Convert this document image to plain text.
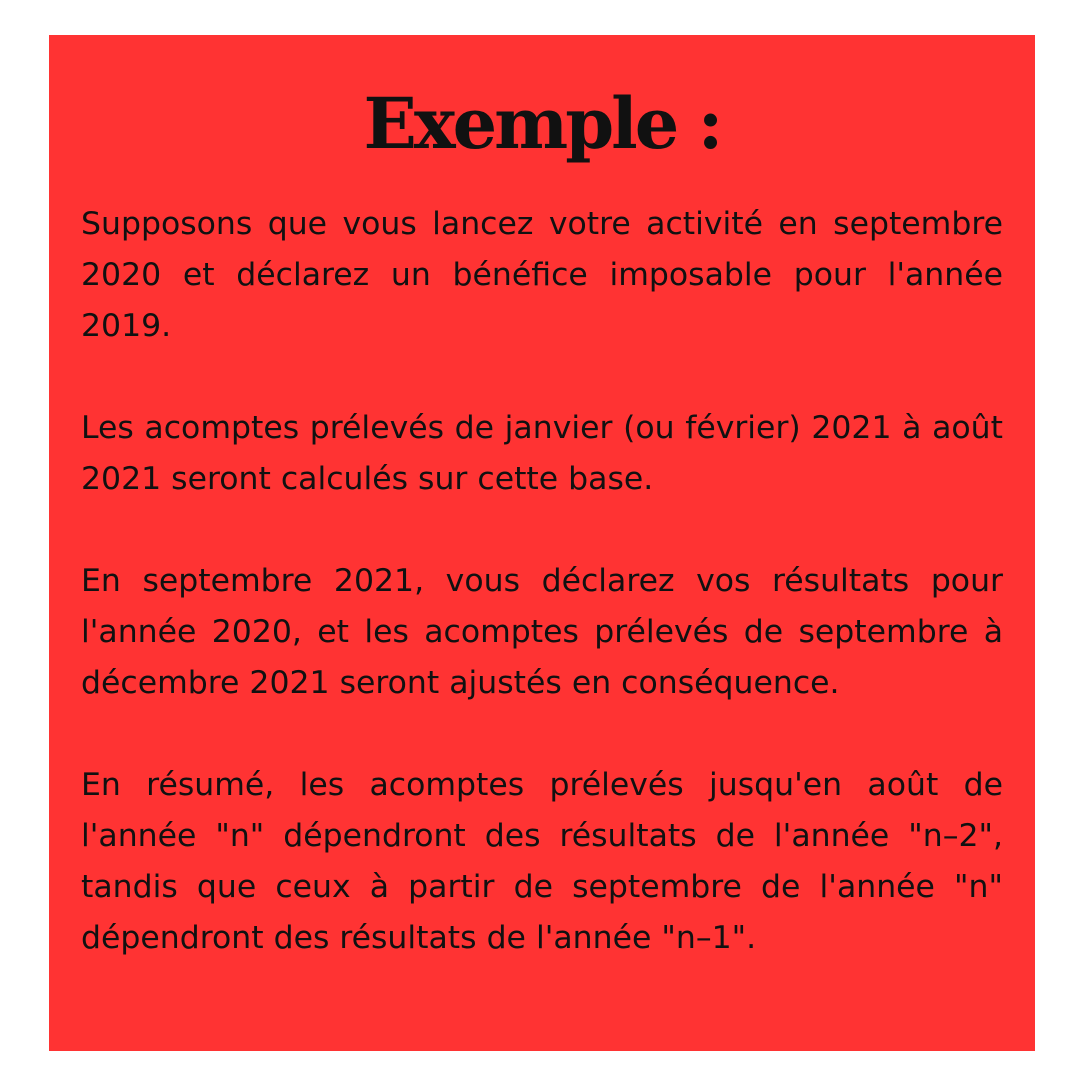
Exemple :

Supposons que vous lancez votre activité en septembre 2020 et déclarez un bénéfice imposable pour l'année 2019.

Les acomptes prélevés de janvier (ou février) 2021 à août 2021 seront calculés sur cette base.

En septembre 2021, vous déclarez vos résultats pour l'année 2020, et les acomptes prélevés de septembre à décembre 2021 seront ajustés en conséquence.

En résumé, les acomptes prélevés jusqu'en août de l'année "n" dépendront des résultats de l'année "n–2", tandis que ceux à partir de septembre de l'année "n" dépendront des résultats de l'année "n–1".
